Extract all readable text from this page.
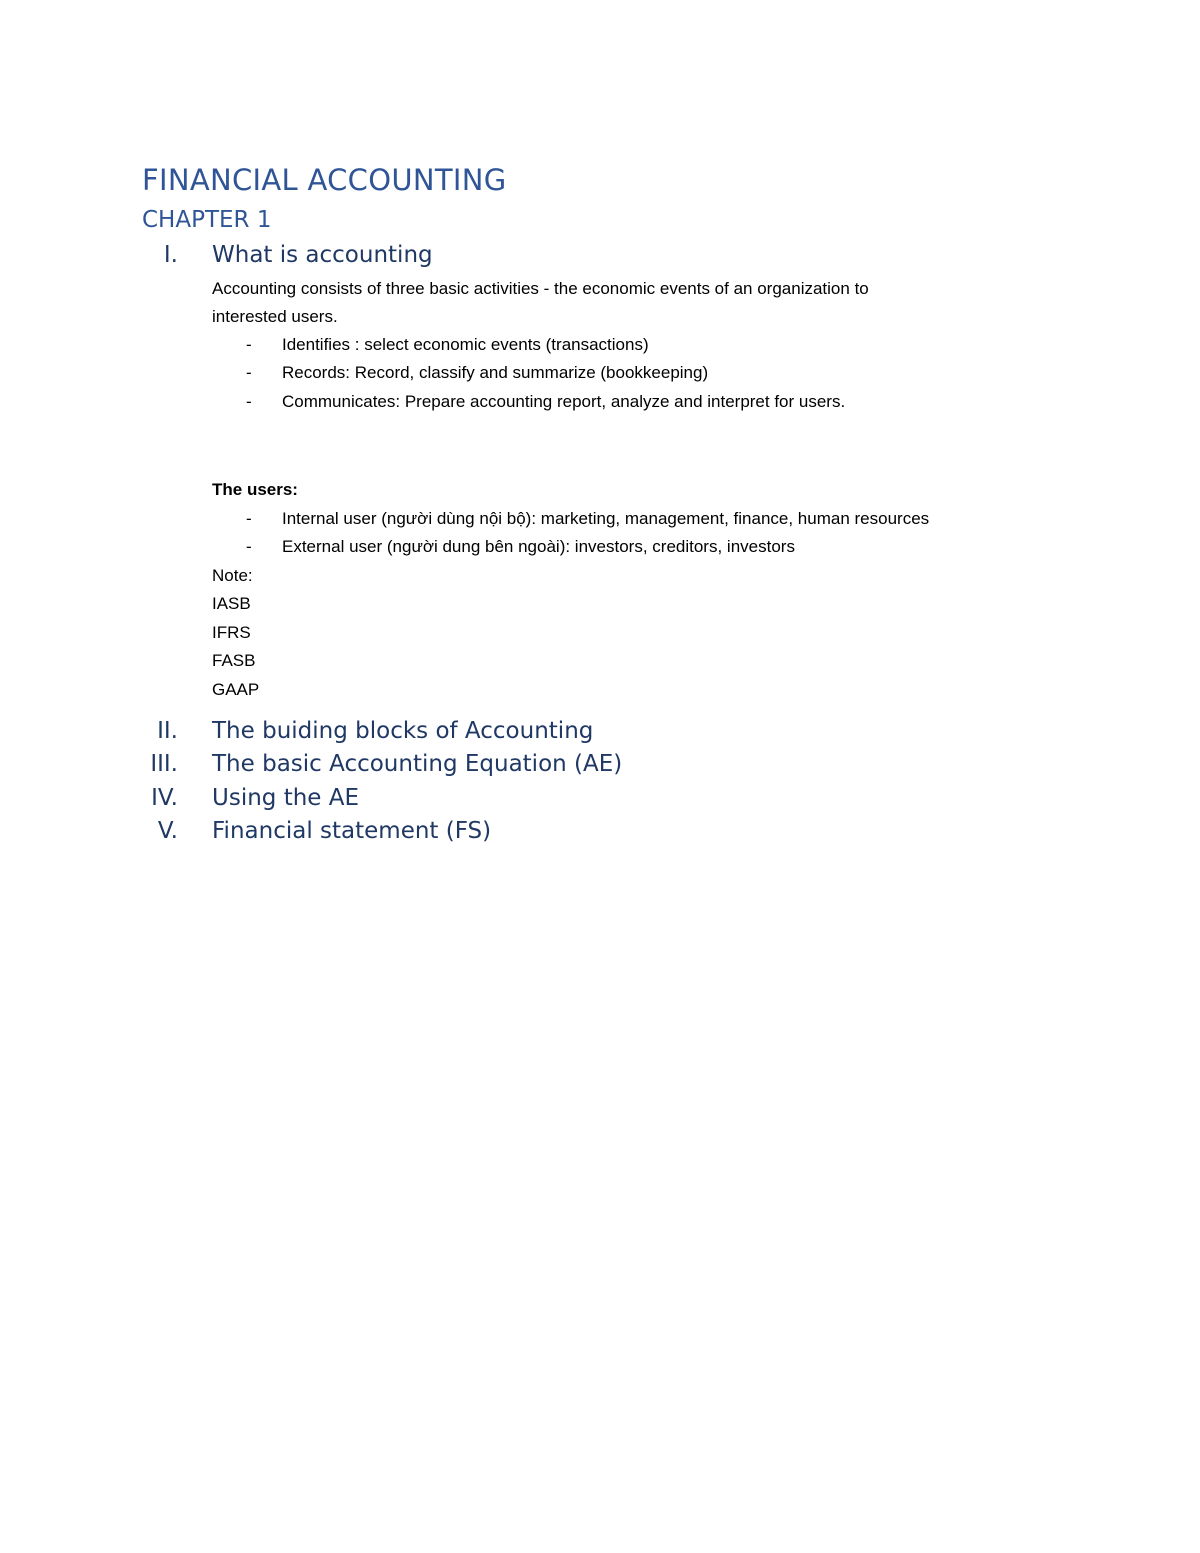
FINANCIAL ACCOUNTING
CHAPTER 1
I. What is accounting
Accounting consists of three basic activities - the economic events of an organization to
interested users.
- Identifies : select economic events (transactions)
- Records: Record, classify and summarize (bookkeeping)
- Communicates: Prepare accounting report, analyze and interpret for users.
The users:
- Internal user (người dùng nội bộ): marketing, management, finance, human resources
- External user (người dung bên ngoài): investors, creditors, investors
Note:
IASB
IFRS
FASB
GAAP
II. The buiding blocks of Accounting
III. The basic Accounting Equation (AE)
IV. Using the AE
V. Financial statement (FS)
